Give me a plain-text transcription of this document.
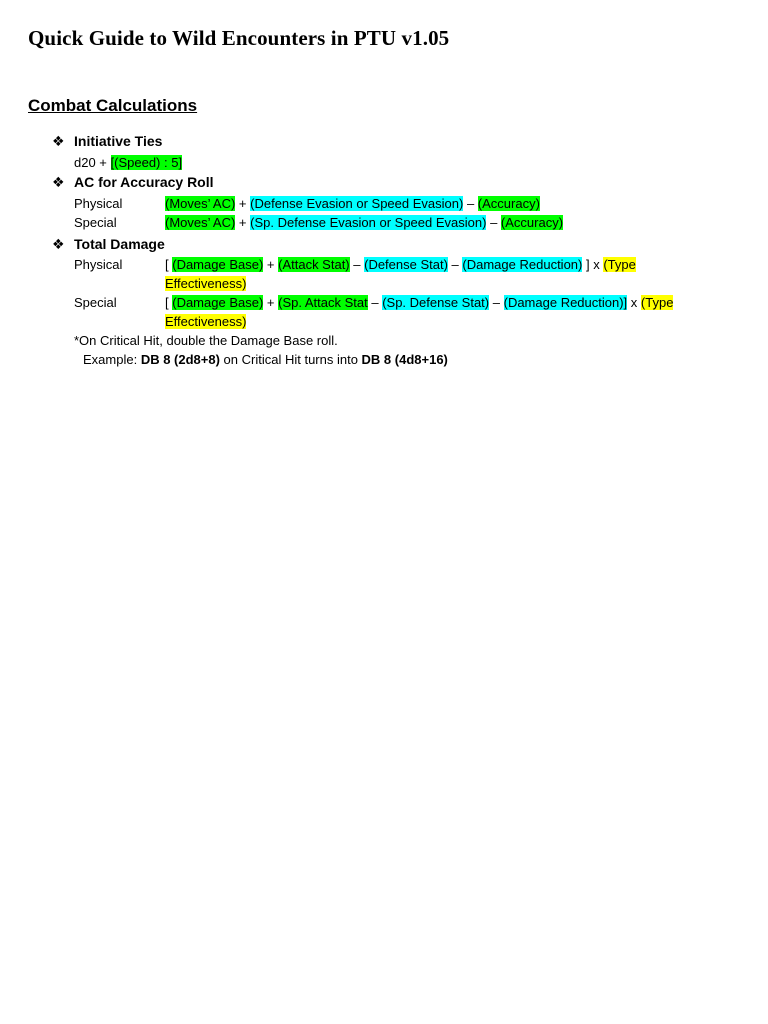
Quick Guide to Wild Encounters in PTU v1.05
Combat Calculations
❖ Initiative Ties
d20 + [(Speed) : 5]
❖ AC for Accuracy Roll
Physical	(Moves’ AC) + (Defense Evasion or Speed Evasion) – (Accuracy)
Special	(Moves’ AC) + (Sp. Defense Evasion or Speed Evasion) – (Accuracy)
❖ Total Damage
Physical	[ (Damage Base) + (Attack Stat) – (Defense Stat) – (Damage Reduction) ] x (Type Effectiveness)
Special	[ (Damage Base) + (Sp. Attack Stat – (Sp. Defense Stat) – (Damage Reduction)] x (Type Effectiveness)
*On Critical Hit, double the Damage Base roll.
Example: DB 8 (2d8+8) on Critical Hit turns into DB 8 (4d8+16)
